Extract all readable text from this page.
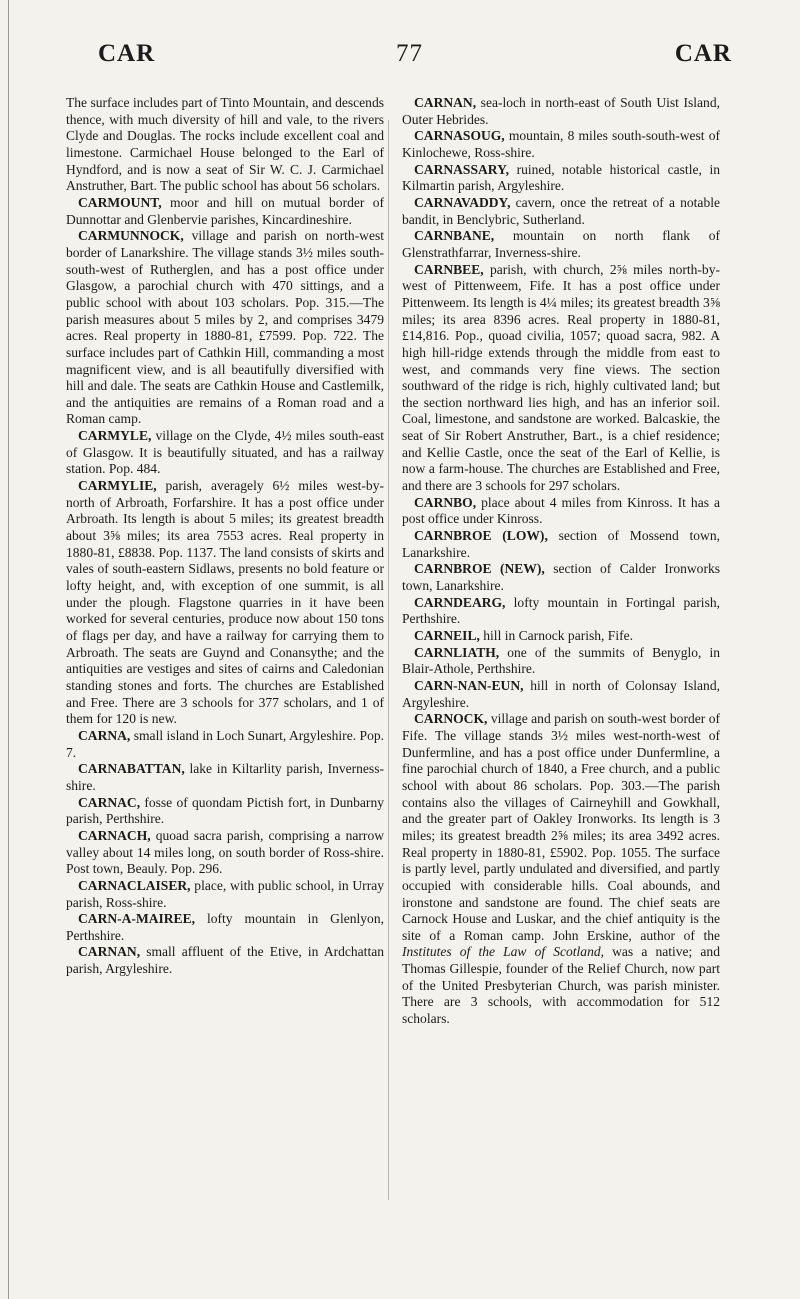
CAR	77	CAR

The surface includes part of Tinto Mountain, and descends thence, with much diversity of hill and vale, to the rivers Clyde and Douglas. The rocks include excellent coal and limestone. Carmichael House belonged to the Earl of Hyndford, and is now a seat of Sir W. C. J. Carmichael Anstruther, Bart. The public school has about 56 scholars.

CARMOUNT, moor and hill on mutual border of Dunnottar and Glenbervie parishes, Kincardineshire.

CARMUNNOCK, village and parish on north-west border of Lanarkshire. The village stands 3½ miles south-south-west of Rutherglen, and has a post office under Glasgow, a parochial church with 470 sittings, and a public school with about 103 scholars. Pop. 315.—The parish measures about 5 miles by 2, and comprises 3479 acres. Real property in 1880-81, £7599. Pop. 722. The surface includes part of Cathkin Hill, commanding a most magnificent view, and is all beautifully diversified with hill and dale. The seats are Cathkin House and Castlemilk, and the antiquities are remains of a Roman road and a Roman camp.

CARMYLE, village on the Clyde, 4½ miles south-east of Glasgow. It is beautifully situated, and has a railway station. Pop. 484.

CARMYLIE, parish, averagely 6½ miles west-by-north of Arbroath, Forfarshire. It has a post office under Arbroath. Its length is about 5 miles; its greatest breadth about 3⅝ miles; its area 7553 acres. Real property in 1880-81, £8838. Pop. 1137. The land consists of skirts and vales of south-eastern Sidlaws, presents no bold feature or lofty height, and, with exception of one summit, is all under the plough. Flagstone quarries in it have been worked for several centuries, produce now about 150 tons of flags per day, and have a railway for carrying them to Arbroath. The seats are Guynd and Conansythe; and the antiquities are vestiges and sites of cairns and Caledonian standing stones and forts. The churches are Established and Free. There are 3 schools for 377 scholars, and 1 of them for 120 is new.

CARNA, small island in Loch Sunart, Argyleshire. Pop. 7.

CARNABATTAN, lake in Kiltarlity parish, Inverness-shire.

CARNAC, fosse of quondam Pictish fort, in Dunbarny parish, Perthshire.

CARNACH, quoad sacra parish, comprising a narrow valley about 14 miles long, on south border of Ross-shire. Post town, Beauly. Pop. 296.

CARNACLAISER, place, with public school, in Urray parish, Ross-shire.

CARN-A-MAIREE, lofty mountain in Glenlyon, Perthshire.

CARNAN, small affluent of the Etive, in Ardchattan parish, Argyleshire.

CARNAN, sea-loch in north-east of South Uist Island, Outer Hebrides.

CARNASOUG, mountain, 8 miles south-south-west of Kinlochewe, Ross-shire.

CARNASSARY, ruined, notable historical castle, in Kilmartin parish, Argyleshire.

CARNAVADDY, cavern, once the retreat of a notable bandit, in Benclybric, Sutherland.

CARNBANE, mountain on north flank of Glenstrathfarrar, Inverness-shire.

CARNBEE, parish, with church, 2⅝ miles north-by-west of Pittenweem, Fife. It has a post office under Pittenweem. Its length is 4¼ miles; its greatest breadth 3⅝ miles; its area 8396 acres. Real property in 1880-81, £14,816. Pop., quoad civilia, 1057; quoad sacra, 982. A high hill-ridge extends through the middle from east to west, and commands very fine views. The section southward of the ridge is rich, highly cultivated land; but the section northward lies high, and has an inferior soil. Coal, limestone, and sandstone are worked. Balcaskie, the seat of Sir Robert Anstruther, Bart., is a chief residence; and Kellie Castle, once the seat of the Earl of Kellie, is now a farm-house. The churches are Established and Free, and there are 3 schools for 297 scholars.

CARNBO, place about 4 miles from Kinross. It has a post office under Kinross.

CARNBROE (LOW), section of Mossend town, Lanarkshire.

CARNBROE (NEW), section of Calder Ironworks town, Lanarkshire.

CARNDEARG, lofty mountain in Fortingal parish, Perthshire.

CARNEIL, hill in Carnock parish, Fife.

CARNLIATH, one of the summits of Benyglo, in Blair-Athole, Perthshire.

CARN-NAN-EUN, hill in north of Colonsay Island, Argyleshire.

CARNOCK, village and parish on south-west border of Fife. The village stands 3½ miles west-north-west of Dunfermline, and has a post office under Dunfermline, a fine parochial church of 1840, a Free church, and a public school with about 86 scholars. Pop. 303.—The parish contains also the villages of Cairneyhill and Gowkhall, and the greater part of Oakley Ironworks. Its length is 3 miles; its greatest breadth 2⅝ miles; its area 3492 acres. Real property in 1880-81, £5902. Pop. 1055. The surface is partly level, partly undulated and diversified, and partly occupied with considerable hills. Coal abounds, and ironstone and sandstone are found. The chief seats are Carnock House and Luskar, and the chief antiquity is the site of a Roman camp. John Erskine, author of the Institutes of the Law of Scotland, was a native; and Thomas Gillespie, founder of the Relief Church, now part of the United Presbyterian Church, was parish minister. There are 3 schools, with accommodation for 512 scholars.
